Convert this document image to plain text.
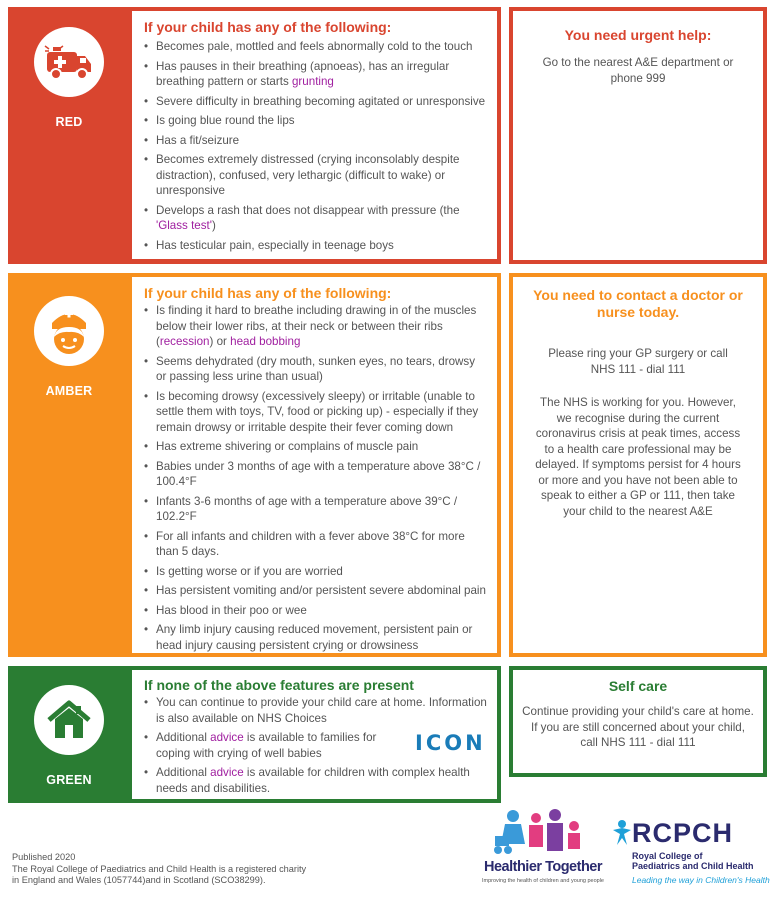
RED
If your child has any of the following:
• Becomes pale, mottled and feels abnormally cold to the touch
• Has pauses in their breathing (apnoeas), has an irregular breathing pattern or starts grunting
• Severe difficulty in breathing becoming agitated or unresponsive
• Is going blue round the lips
• Has a fit/seizure
• Becomes extremely distressed (crying inconsolably despite distraction), confused, very lethargic (difficult to wake) or unresponsive
• Develops a rash that does not disappear with pressure (the 'Glass test')
• Has testicular pain, especially in teenage boys
You need urgent help:

Go to the nearest A&E department or phone 999

AMBER
If your child has any of the following:
• Is finding it hard to breathe including drawing in of the muscles below their lower ribs, at their neck or between their ribs (recession) or head bobbing
• Seems dehydrated (dry mouth, sunken eyes, no tears, drowsy or passing less urine than usual)
• Is becoming drowsy (excessively sleepy) or irritable (unable to settle them with toys, TV, food or picking up) - especially if they remain drowsy or irritable despite their fever coming down
• Has extreme shivering or complains of muscle pain
• Babies under 3 months of age with a temperature above 38°C / 100.4°F
• Infants 3-6 months of age with a temperature above 39°C / 102.2°F
• For all infants and children with a fever above 38°C for more than 5 days.
• Is getting worse or if you are worried
• Has persistent vomiting and/or persistent severe abdominal pain
• Has blood in their poo or wee
• Any limb injury causing reduced movement, persistent pain or head injury causing persistent crying or drowsiness
You need to contact a doctor or nurse today.

Please ring your GP surgery or call NHS 111 - dial 111

The NHS is working for you. However, we recognise during the current coronavirus crisis at peak times, access to a health care professional may be delayed. If symptoms persist for 4 hours or more and you have not been able to speak to either a GP or 111, then take your child to the nearest A&E

GREEN
If none of the above features are present
• You can continue to provide your child care at home. Information is also available on NHS Choices
• Additional advice is available to families for coping with crying of well babies
• Additional advice is available for children with complex health needs and disabilities.
ICON
Self care

Continue providing your child's care at home. If you are still concerned about your child, call NHS 111 - dial 111

Published 2020
The Royal College of Paediatrics and Child Health is a registered charity
in England and Wales (1057744)and in Scotland (SCO38299).
Healthier Together
Improving the health of children and young people
RCPCH
Royal College of
Paediatrics and Child Health
Leading the way in Children's Health
